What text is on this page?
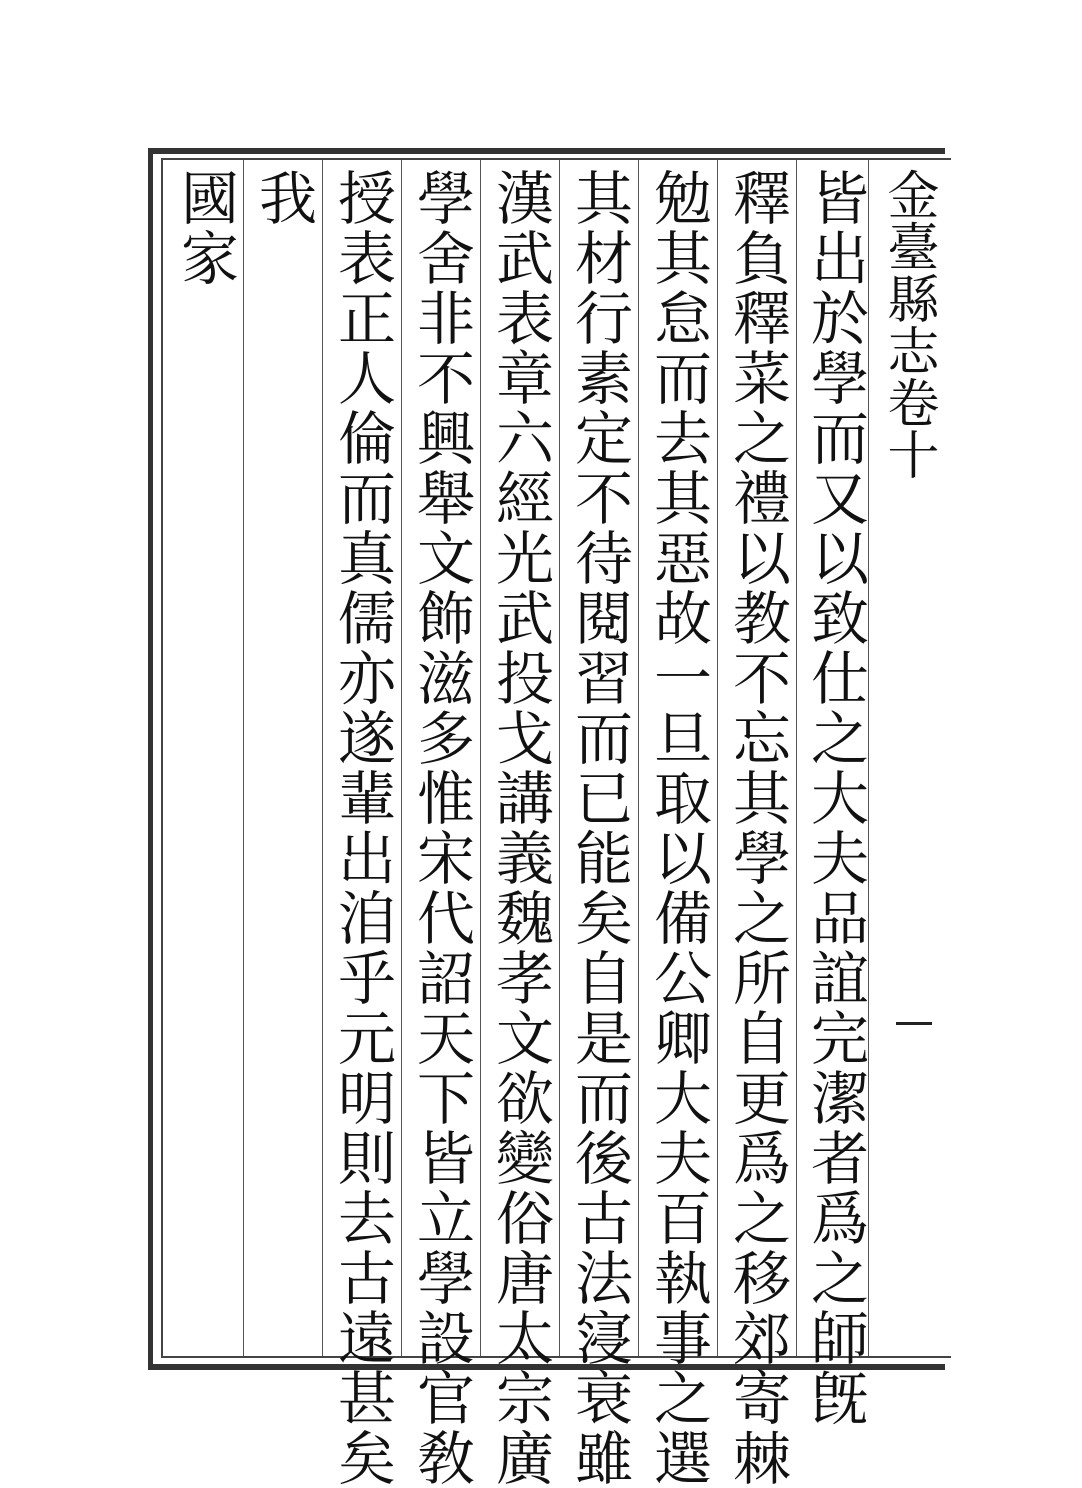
金臺縣志卷十
皆出於學而又以致仕之大夫品誼完潔者爲之師旣
釋負釋菜之禮以教不忘其學之所自更爲之移郊寄棘
勉其怠而去其惡故一旦取以備公卿大夫百執事之選
其材行素定不待閱習而已能矣自是而後古法寖衰雖
漢武表章六經光武投戈講義魏孝文欲變俗唐太宗廣
學舍非不興舉文飾滋多惟宋代詔天下皆立學設官敎
授表正人倫而真儒亦遂輩出洎乎元明則去古遠甚矣
我
國家
